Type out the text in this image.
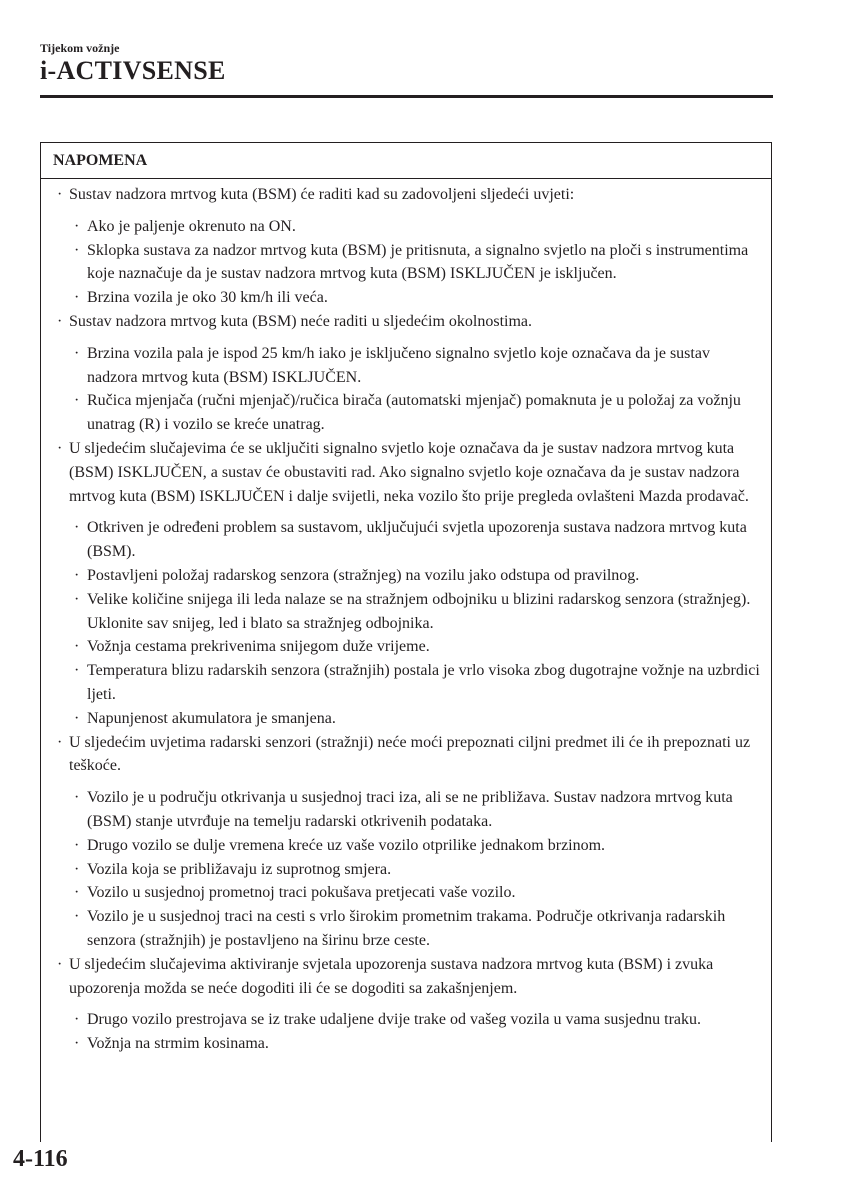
Tijekom vožnje
i-ACTIVSENSE
NAPOMENA
· Sustav nadzora mrtvog kuta (BSM) će raditi kad su zadovoljeni sljedeći uvjeti:
· Ako je paljenje okrenuto na ON.
· Sklopka sustava za nadzor mrtvog kuta (BSM) je pritisnuta, a signalno svjetlo na ploči s instrumentima koje naznačuje da je sustav nadzora mrtvog kuta (BSM) ISKLJUČEN je isključen.
· Brzina vozila je oko 30 km/h ili veća.
· Sustav nadzora mrtvog kuta (BSM) neće raditi u sljedećim okolnostima.
· Brzina vozila pala je ispod 25 km/h iako je isključeno signalno svjetlo koje označava da je sustav nadzora mrtvog kuta (BSM) ISKLJUČEN.
· Ručica mjenjača (ručni mjenjač)/ručica birača (automatski mjenjač) pomaknuta je u položaj za vožnju unatrag (R) i vozilo se kreće unatrag.
· U sljedećim slučajevima će se uključiti signalno svjetlo koje označava da je sustav nadzora mrtvog kuta (BSM) ISKLJUČEN, a sustav će obustaviti rad. Ako signalno svjetlo koje označava da je sustav nadzora mrtvog kuta (BSM) ISKLJUČEN i dalje svijetli, neka vozilo što prije pregleda ovlašteni Mazda prodavač.
· Otkriven je određeni problem sa sustavom, uključujući svjetla upozorenja sustava nadzora mrtvog kuta (BSM).
· Postavljeni položaj radarskog senzora (stražnjeg) na vozilu jako odstupa od pravilnog.
· Velike količine snijega ili leda nalaze se na stražnjem odbojniku u blizini radarskog senzora (stražnjeg). Uklonite sav snijeg, led i blato sa stražnjeg odbojnika.
· Vožnja cestama prekrivenima snijegom duže vrijeme.
· Temperatura blizu radarskih senzora (stražnjih) postala je vrlo visoka zbog dugotrajne vožnje na uzbrdici ljeti.
· Napunjenost akumulatora je smanjena.
· U sljedećim uvjetima radarski senzori (stražnji) neće moći prepoznati ciljni predmet ili će ih prepoznati uz teškoće.
· Vozilo je u području otkrivanja u susjednoj traci iza, ali se ne približava. Sustav nadzora mrtvog kuta (BSM) stanje utvrđuje na temelju radarski otkrivenih podataka.
· Drugo vozilo se dulje vremena kreće uz vaše vozilo otprilike jednakom brzinom.
· Vozila koja se približavaju iz suprotnog smjera.
· Vozilo u susjednoj prometnoj traci pokušava pretjecati vaše vozilo.
· Vozilo je u susjednoj traci na cesti s vrlo širokim prometnim trakama. Područje otkrivanja radarskih senzora (stražnjih) je postavljeno na širinu brze ceste.
· U sljedećim slučajevima aktiviranje svjetala upozorenja sustava nadzora mrtvog kuta (BSM) i zvuka upozorenja možda se neće dogoditi ili će se dogoditi sa zakašnjenjem.
· Drugo vozilo prestrojava se iz trake udaljene dvije trake od vašeg vozila u vama susjednu traku.
· Vožnja na strmim kosinama.
4-116
